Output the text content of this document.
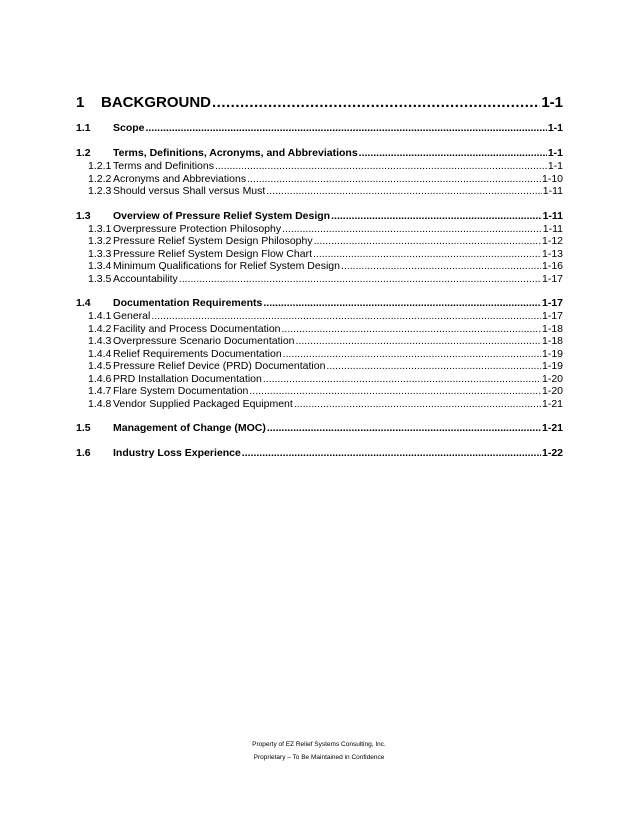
1	BACKGROUND .....	1-1
1.1	Scope .....	1-1
1.2	Terms, Definitions, Acronyms, and Abbreviations .....	1-1
1.2.1 Terms and Definitions .....	1-1
1.2.2 Acronyms and Abbreviations .....	1-10
1.2.3 Should versus Shall versus Must .....	1-11
1.3	Overview of Pressure Relief System Design .....	1-11
1.3.1 Overpressure Protection Philosophy .....	1-11
1.3.2 Pressure Relief System Design Philosophy .....	1-12
1.3.3 Pressure Relief System Design Flow Chart .....	1-13
1.3.4 Minimum Qualifications for Relief System Design .....	1-16
1.3.5 Accountability .....	1-17
1.4	Documentation Requirements .....	1-17
1.4.1 General .....	1-17
1.4.2 Facility and Process Documentation .....	1-18
1.4.3 Overpressure Scenario Documentation .....	1-18
1.4.4 Relief Requirements Documentation .....	1-19
1.4.5 Pressure Relief Device (PRD) Documentation .....	1-19
1.4.6 PRD Installation Documentation .....	1-20
1.4.7 Flare System Documentation .....	1-20
1.4.8 Vendor Supplied Packaged Equipment .....	1-21
1.5	Management of Change (MOC) .....	1-21
1.6	Industry Loss Experience .....	1-22
Property of EZ Relief Systems Consulting, Inc.
Proprietary – To Be Maintained in Confidence
